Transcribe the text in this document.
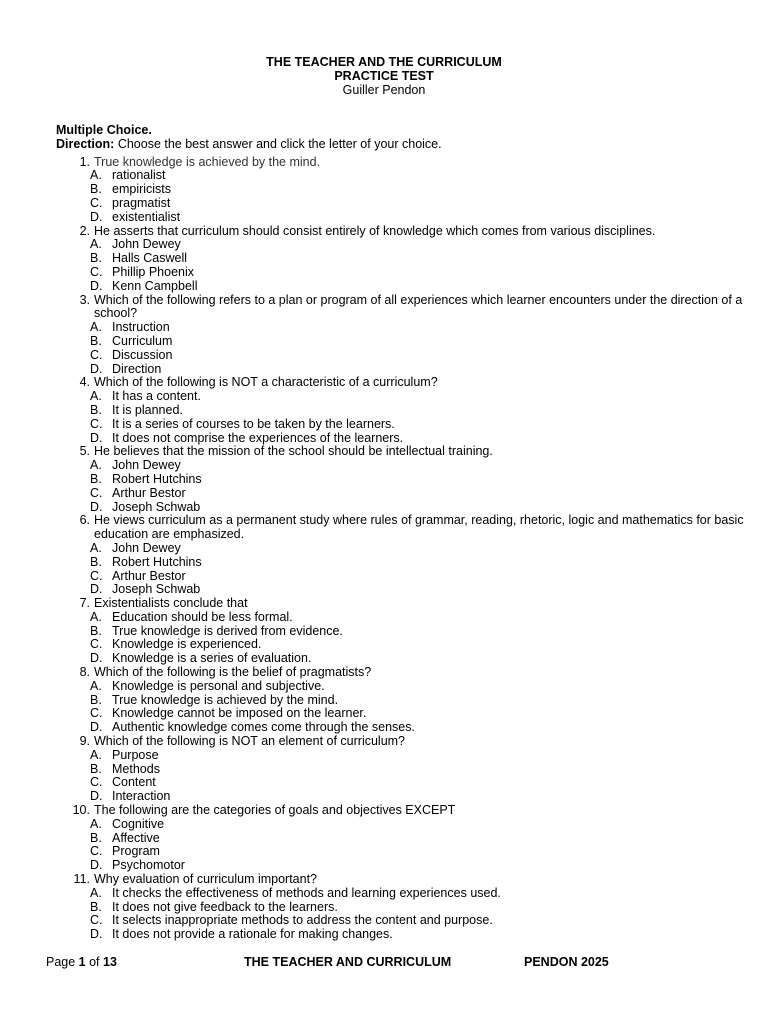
THE TEACHER AND THE CURRICULUM
PRACTICE TEST
Guiller Pendon
Multiple Choice.
Direction: Choose the best answer and click the letter of your choice.
1. True knowledge is achieved by the mind.
A. rationalist
B. empiricists
C. pragmatist
D. existentialist
2. He asserts that curriculum should consist entirely of knowledge which comes from various disciplines.
A. John Dewey
B. Halls Caswell
C. Phillip Phoenix
D. Kenn Campbell
3. Which of the following refers to a plan or program of all experiences which learner encounters under the direction of a school?
A. Instruction
B. Curriculum
C. Discussion
D. Direction
4. Which of the following is NOT a characteristic of a curriculum?
A. It has a content.
B. It is planned.
C. It is a series of courses to be taken by the learners.
D. It does not comprise the experiences of the learners.
5. He believes that the mission of the school should be intellectual training.
A. John Dewey
B. Robert Hutchins
C. Arthur Bestor
D. Joseph Schwab
6. He views curriculum as a permanent study where rules of grammar, reading, rhetoric, logic and mathematics for basic education are emphasized.
A. John Dewey
B. Robert Hutchins
C. Arthur Bestor
D. Joseph Schwab
7. Existentialists conclude that
A. Education should be less formal.
B. True knowledge is derived from evidence.
C. Knowledge is experienced.
D. Knowledge is a series of evaluation.
8. Which of the following is the belief of pragmatists?
A. Knowledge is personal and subjective.
B. True knowledge is achieved by the mind.
C. Knowledge cannot be imposed on the learner.
D. Authentic knowledge comes come through the senses.
9. Which of the following is NOT an element of curriculum?
A. Purpose
B. Methods
C. Content
D. Interaction
10. The following are the categories of goals and objectives EXCEPT
A. Cognitive
B. Affective
C. Program
D. Psychomotor
11. Why evaluation of curriculum important?
A. It checks the effectiveness of methods and learning experiences used.
B. It does not give feedback to the learners.
C. It selects inappropriate methods to address the content and purpose.
D. It does not provide a rationale for making changes.
Page 1 of 13	THE TEACHER AND CURRICULUM	PENDON 2025
